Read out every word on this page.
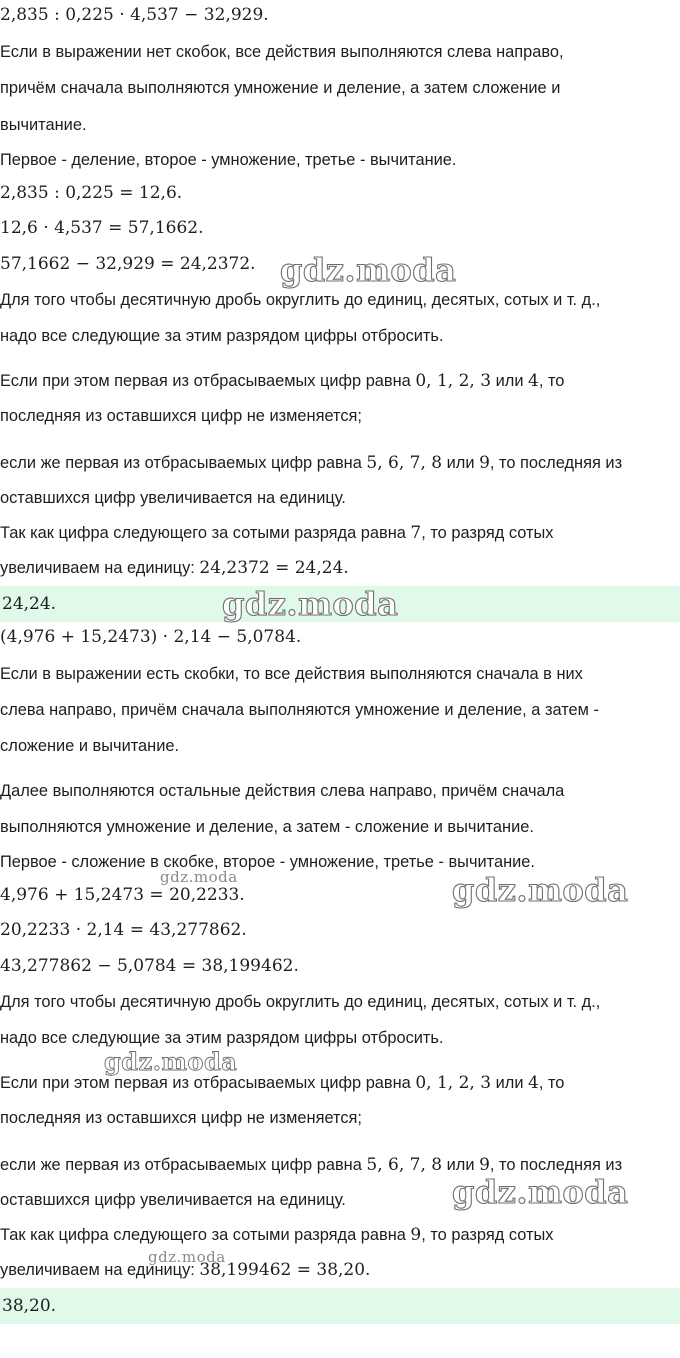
2,835 : 0,225 · 4,537 − 32,929.
Если в выражении нет скобок, все действия выполняются слева направо,
причём сначала выполняются умножение и деление, а затем сложение и
вычитание.
Первое - деление, второе - умножение, третье - вычитание.
2,835 : 0,225 = 12,6.
12,6 · 4,537 = 57,1662.
57,1662 − 32,929 = 24,2372. gdz.moda
Для того чтобы десятичную дробь округлить до единиц, десятых, сотых и т. д.,
надо все следующие за этим разрядом цифры отбросить.
Если при этом первая из отбрасываемых цифр равна 0, 1, 2, 3 или 4, то
последняя из оставшихся цифр не изменяется;
если же первая из отбрасываемых цифр равна 5, 6, 7, 8 или 9, то последняя из
оставшихся цифр увеличивается на единицу.
Так как цифра следующего за сотыми разряда равна 7, то разряд сотых
увеличиваем на единицу: 24,2372 = 24,24.
24,24.	gdz.moda
(4,976 + 15,2473) · 2,14 − 5,0784.
Если в выражении есть скобки, то все действия выполняются сначала в них
слева направо, причём сначала выполняются умножение и деление, а затем -
сложение и вычитание.
Далее выполняются остальные действия слева направо, причём сначала
выполняются умножение и деление, а затем - сложение и вычитание.
Первое - сложение в скобке, второе - умножение, третье - вычитание.
gdz.moda
4,976 + 15,2473 = 20,2233.	gdz.moda
20,2233 · 2,14 = 43,277862.
43,277862 − 5,0784 = 38,199462.
Для того чтобы десятичную дробь округлить до единиц, десятых, сотых и т. д.,
надо все следующие за этим разрядом цифры отбросить.
gdz.moda
Если при этом первая из отбрасываемых цифр равна 0, 1, 2, 3 или 4, то
последняя из оставшихся цифр не изменяется;
если же первая из отбрасываемых цифр равна 5, 6, 7, 8 или 9, то последняя из
оставшихся цифр увеличивается на единицу.	gdz.moda
Так как цифра следующего за сотыми разряда равна 9, то разряд сотых
gdz.moda
увеличиваем на единицу: 38,199462 = 38,20.
38,20.
